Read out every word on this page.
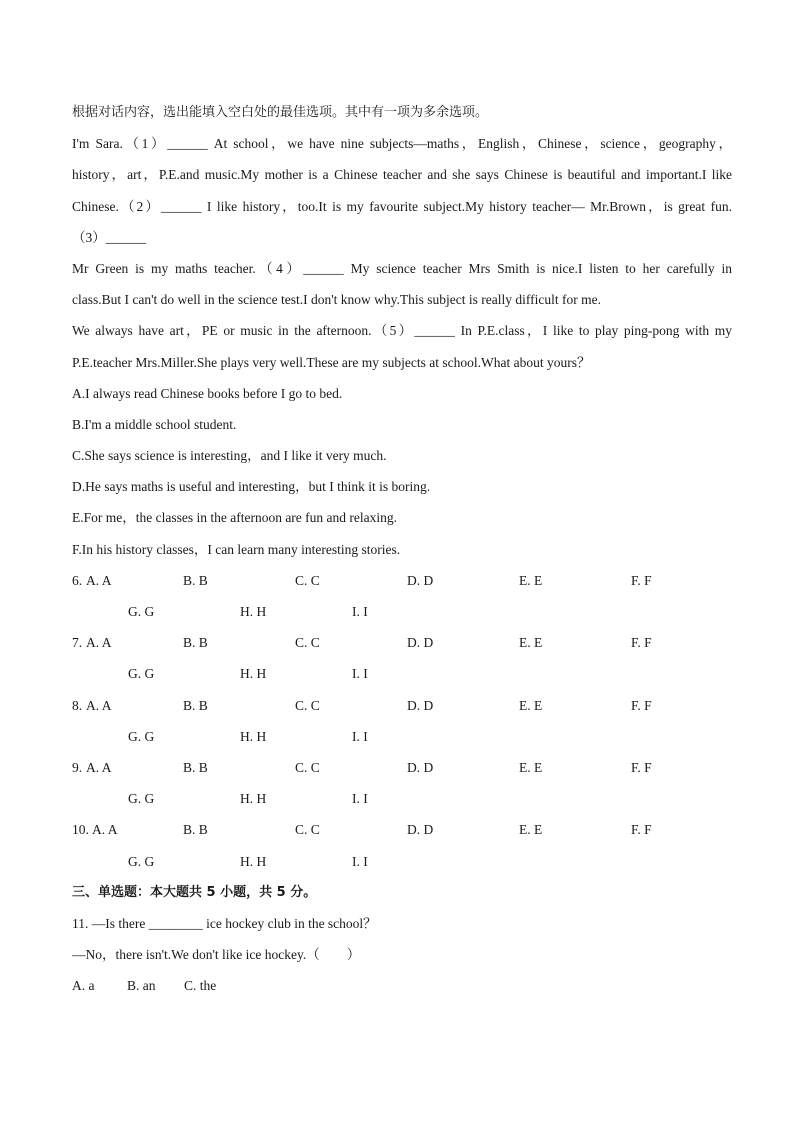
根据对话内容，选出能填入空白处的最佳选项。其中有一项为多余选项。
I'm Sara.（1）______ At school，we have nine subjects—maths，English，Chinese，science，geography，
history，art，P.E.and music.My mother is a Chinese teacher and she says Chinese is beautiful and important.I like
Chinese.（2）______ I like history，too.It is my favourite subject.My history teacher— Mr.Brown，is great fun.
（3）______
Mr Green is my maths teacher.（4）______ My science teacher Mrs Smith is nice.I listen to her carefully in
class.But I can't do well in the science test.I don't know why.This subject is really difficult for me.
We always have art，PE or music in the afternoon.（5）______ In P.E.class，I like to play ping-pong with my
P.E.teacher Mrs.Miller.She plays very well.These are my subjects at school.What about yours？
A.I always read Chinese books before I go to bed.
B.I'm a middle school student.
C.She says science is interesting，and I like it very much.
D.He says maths is useful and interesting，but I think it is boring.
E.For me，the classes in the afternoon are fun and relaxing.
F.In his history classes，I can learn many interesting stories.
6. A. A	B. B	C. C	D. D	E. E	F. F
G. G	H. H	I. I
7. A. A	B. B	C. C	D. D	E. E	F. F
G. G	H. H	I. I
8. A. A	B. B	C. C	D. D	E. E	F. F
G. G	H. H	I. I
9. A. A	B. B	C. C	D. D	E. E	F. F
G. G	H. H	I. I
10. A. A	B. B	C. C	D. D	E. E	F. F
G. G	H. H	I. I
三、单选题：本大题共 5 小题，共 5 分。
11. —Is there ________ ice hockey club in the school？
—No，there isn't.We don't like ice hockey.（　　）
A. a B. an C. the
